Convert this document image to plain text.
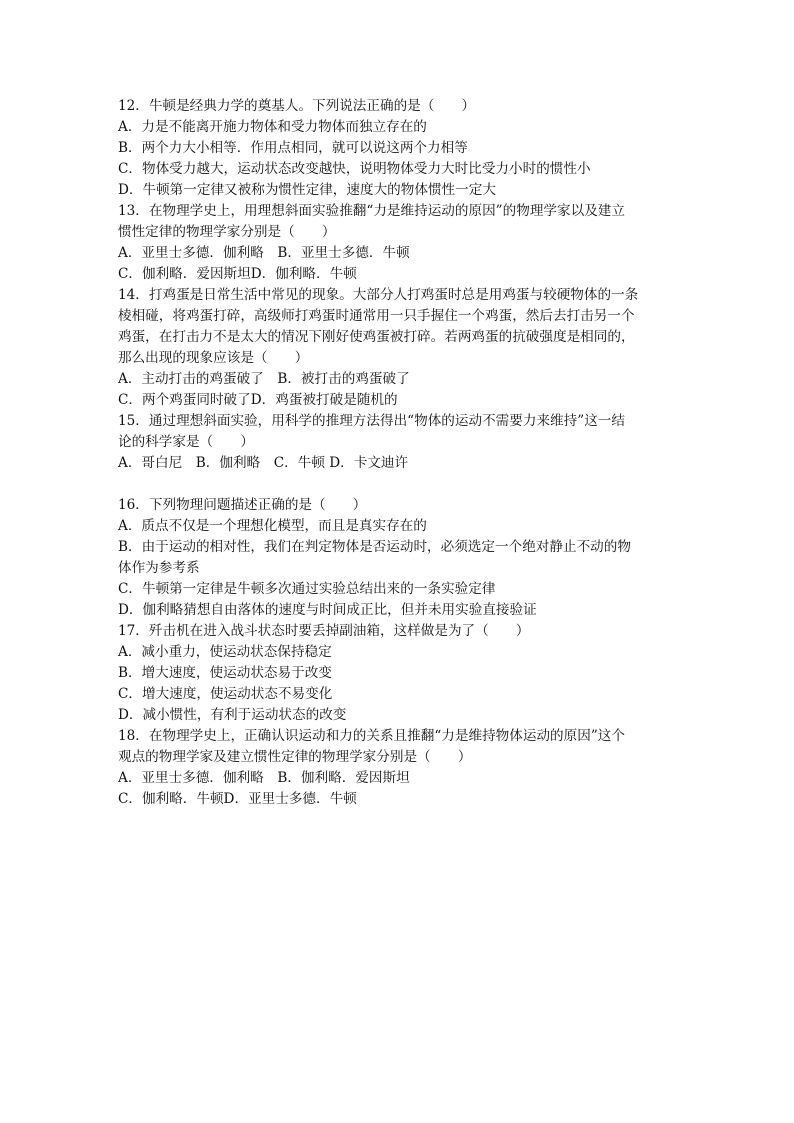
12．牛顿是经典力学的奠基人。下列说法正确的是（　　）
A．力是不能离开施力物体和受力物体而独立存在的
B．两个力大小相等．作用点相同，就可以说这两个力相等
C．物体受力越大，运动状态改变越快，说明物体受力大时比受力小时的惯性小
D．牛顿第一定律又被称为惯性定律，速度大的物体惯性一定大
13．在物理学史上，用理想斜面实验推翻“力是维持运动的原因”的物理学家以及建立
惯性定律的物理学家分别是（　　）
A．亚里士多德．伽利略　B．亚里士多德．牛顿
C．伽利略．爱因斯坦D．伽利略．牛顿
14．打鸡蛋是日常生活中常见的现象。大部分人打鸡蛋时总是用鸡蛋与较硬物体的一条
棱相碰，将鸡蛋打碎，高级师打鸡蛋时通常用一只手握住一个鸡蛋，然后去打击另一个
鸡蛋，在打击力不是太大的情况下刚好使鸡蛋被打碎。若两鸡蛋的抗破强度是相同的，
那么出现的现象应该是（　　）
A．主动打击的鸡蛋破了　B．被打击的鸡蛋破了
C．两个鸡蛋同时破了D．鸡蛋被打破是随机的
15．通过理想斜面实验，用科学的推理方法得出“物体的运动不需要力来维持”这一结
论的科学家是（　　）
A．哥白尼　B．伽利略　C．牛顿 D．卡文迪许
16．下列物理问题描述正确的是（　　）
A．质点不仅是一个理想化模型，而且是真实存在的
B．由于运动的相对性，我们在判定物体是否运动时，必须选定一个绝对静止不动的物
体作为参考系
C．牛顿第一定律是牛顿多次通过实验总结出来的一条实验定律
D．伽利略猜想自由落体的速度与时间成正比，但并未用实验直接验证
17．歼击机在进入战斗状态时要丢掉副油箱，这样做是为了（　　）
A．减小重力，使运动状态保持稳定
B．增大速度，使运动状态易于改变
C．增大速度，使运动状态不易变化
D．减小惯性，有利于运动状态的改变
18．在物理学史上，正确认识运动和力的关系且推翻“力是维持物体运动的原因”这个
观点的物理学家及建立惯性定律的物理学家分别是（　　）
A．亚里士多德．伽利略　B．伽利略．爱因斯坦
C．伽利略．牛顿D．亚里士多德．牛顿
